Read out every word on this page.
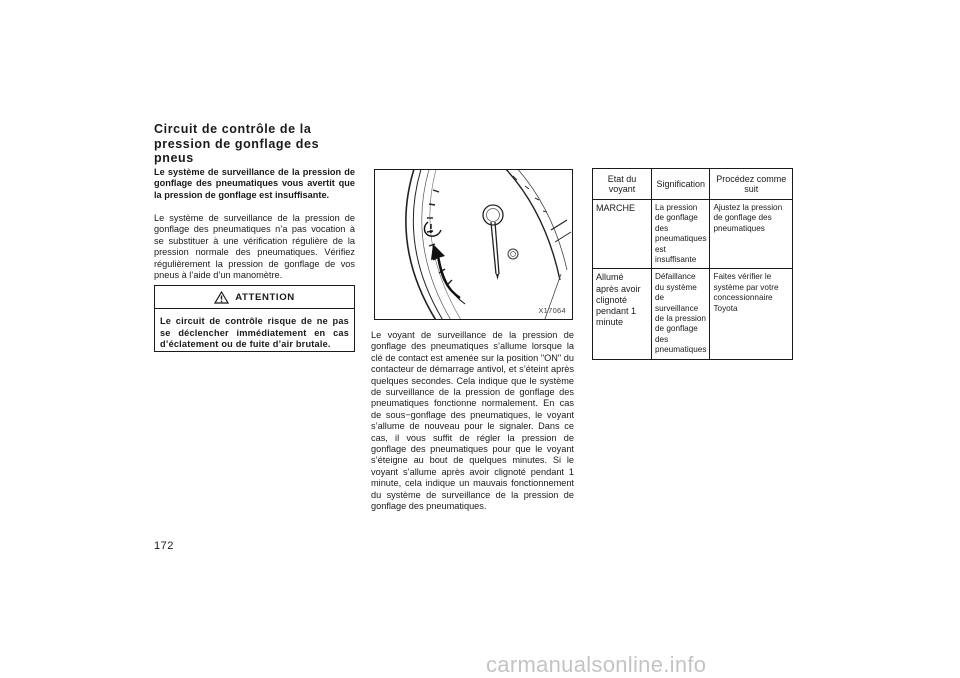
Circuit de contrôle de la pression de gonflage des pneus
Le système de surveillance de la pression de gonflage des pneumatiques vous avertit que la pression de gonflage est insuffisante.
Le système de surveillance de la pression de gonflage des pneumatiques n’a pas vocation à se substituer à une vérification régulière de la pression normale des pneumatiques. Vérifiez régulièrement la pression de gonflage de vos pneus à l’aide d’un manomètre.
ATTENTION
Le circuit de contrôle risque de ne pas se déclencher immédiatement en cas d’éclatement ou de fuite d’air brutale.
X17064
Le voyant de surveillance de la pression de gonflage des pneumatiques s’allume lorsque la clé de contact est amenée sur la position "ON" du contacteur de démarrage antivol, et s’éteint après quelques secondes. Cela indique que le système de surveillance de la pression de gonflage des pneumatiques fonctionne normalement. En cas de sous−gonflage des pneumatiques, le voyant s’allume de nouveau pour le signaler. Dans ce cas, il vous suffit de régler la pression de gonflage des pneumatiques pour que le voyant s’éteigne au bout de quelques minutes. Si le voyant s’allume après avoir clignoté pendant 1 minute, cela indique un mauvais fonctionnement du système de surveillance de la pression de gonflage des pneumatiques.
Etat du voyant	Signification	Procédez comme suit
MARCHE	La pression de gonflage des pneumatiques est insuffisante	Ajustez la pression de gonflage des pneumatiques
Allumé après avoir clignoté pendant 1 minute	Défaillance du système de surveillance de la pression de gonflage des pneumatiques	Faites vérifier le système par votre concessionnaire Toyota
172
carmanualsonline.info
